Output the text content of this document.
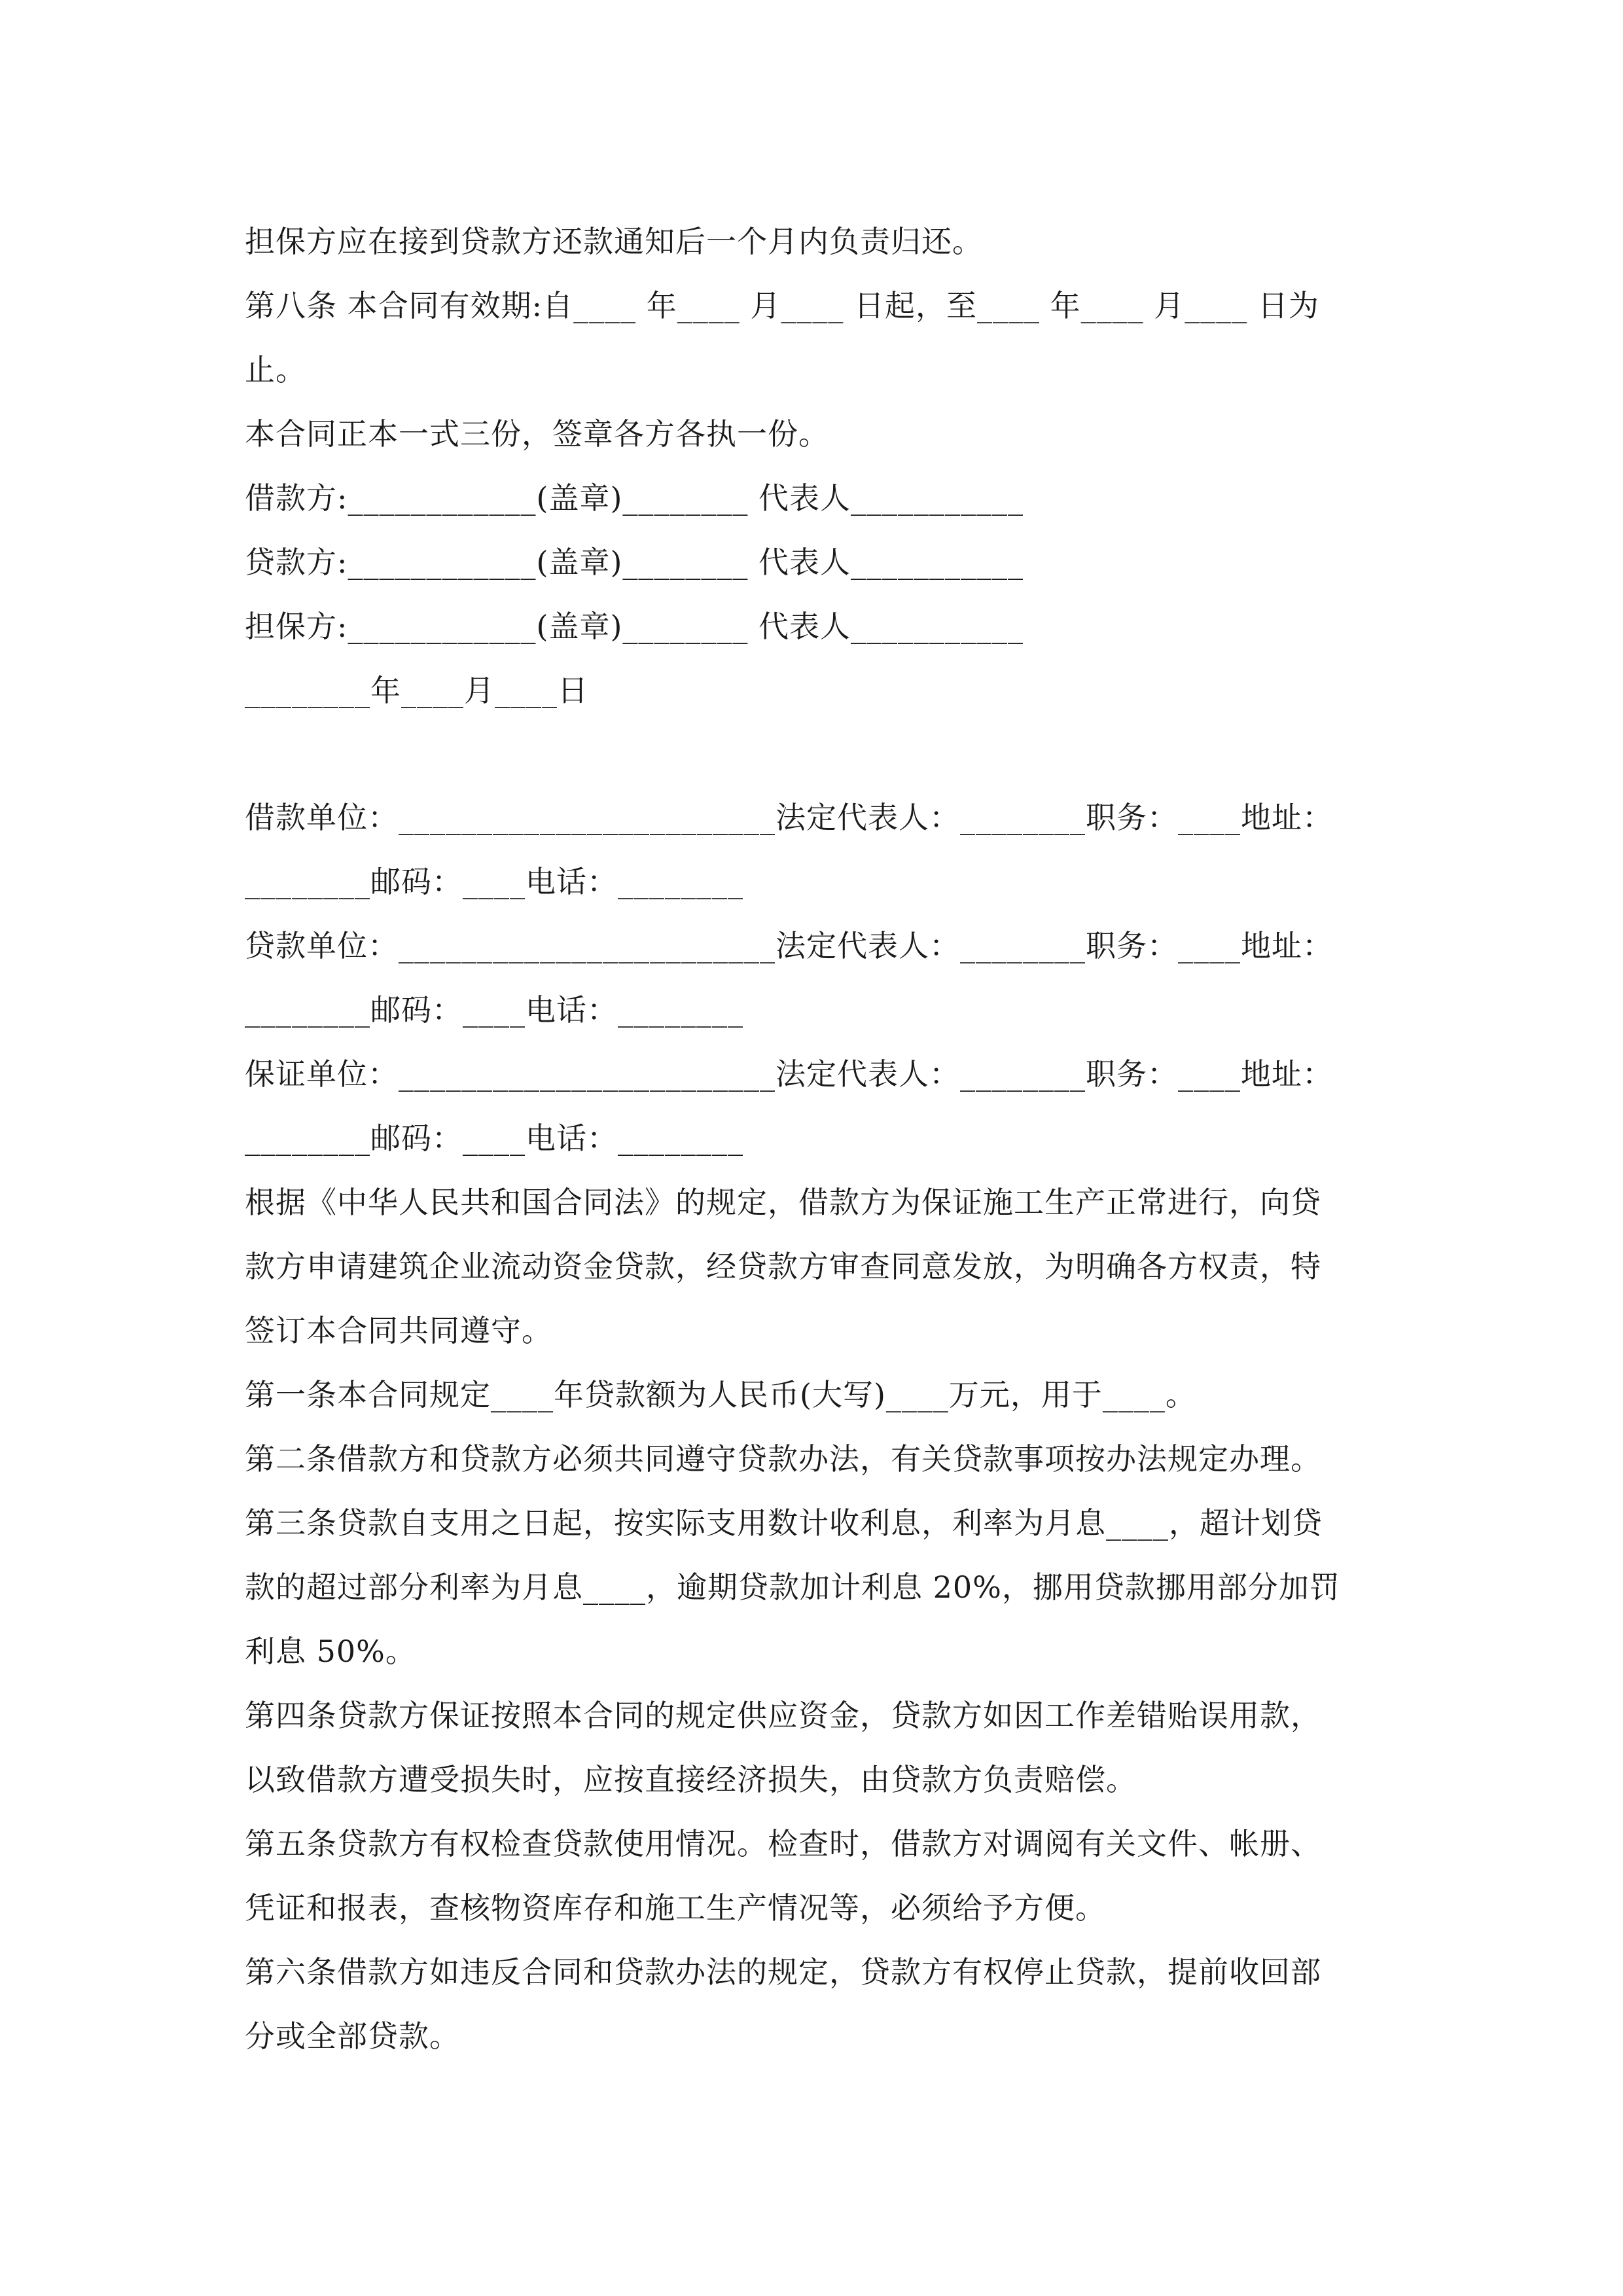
担保方应在接到贷款方还款通知后一个月内负责归还。
第八条 本合同有效期:自____ 年____ 月____ 日起，至____ 年____ 月____ 日为
止。
本合同正本一式三份，签章各方各执一份。
借款方:____________(盖章)________ 代表人___________
贷款方:____________(盖章)________ 代表人___________
担保方:____________(盖章)________ 代表人___________
________年____月____日
借款单位：________________________法定代表人：________职务：____地址：
________邮码：____电话：________
贷款单位：________________________法定代表人：________职务：____地址：
________邮码：____电话：________
保证单位：________________________法定代表人：________职务：____地址：
________邮码：____电话：________
根据《中华人民共和国合同法》的规定，借款方为保证施工生产正常进行，向贷
款方申请建筑企业流动资金贷款，经贷款方审查同意发放，为明确各方权责，特
签订本合同共同遵守。
第一条本合同规定____年贷款额为人民币(大写)____万元，用于____。
第二条借款方和贷款方必须共同遵守贷款办法，有关贷款事项按办法规定办理。
第三条贷款自支用之日起，按实际支用数计收利息，利率为月息____，超计划贷
款的超过部分利率为月息____，逾期贷款加计利息 20%，挪用贷款挪用部分加罚
利息 50%。
第四条贷款方保证按照本合同的规定供应资金，贷款方如因工作差错贻误用款，
以致借款方遭受损失时，应按直接经济损失，由贷款方负责赔偿。
第五条贷款方有权检查贷款使用情况。检查时，借款方对调阅有关文件、帐册、
凭证和报表，查核物资库存和施工生产情况等，必须给予方便。
第六条借款方如违反合同和贷款办法的规定，贷款方有权停止贷款，提前收回部
分或全部贷款。
